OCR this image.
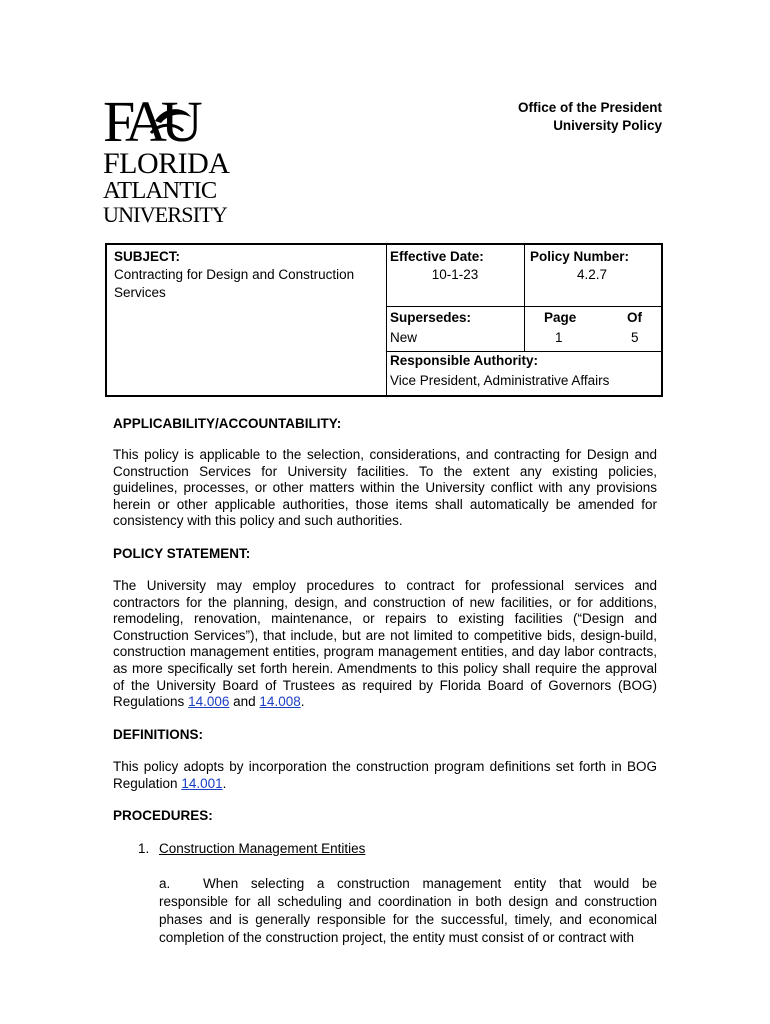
FAU
FLORIDA
ATLANTIC
UNIVERSITY
Office of the President
University Policy
SUBJECT:
Contracting for Design and Construction Services
Effective Date:
10-1-23
Policy Number:
4.2.7
Supersedes:
New
Page
1
Of
5
Responsible Authority:
Vice President, Administrative Affairs
APPLICABILITY/ACCOUNTABILITY:
This policy is applicable to the selection, considerations, and contracting for Design and Construction Services for University facilities. To the extent any existing policies, guidelines, processes, or other matters within the University conflict with any provisions herein or other applicable authorities, those items shall automatically be amended for consistency with this policy and such authorities.
POLICY STATEMENT:
The University may employ procedures to contract for professional services and contractors for the planning, design, and construction of new facilities, or for additions, remodeling, renovation, maintenance, or repairs to existing facilities (“Design and Construction Services”), that include, but are not limited to competitive bids, design-build, construction management entities, program management entities, and day labor contracts, as more specifically set forth herein. Amendments to this policy shall require the approval of the University Board of Trustees as required by Florida Board of Governors (BOG) Regulations 14.006 and 14.008.
DEFINITIONS:
This policy adopts by incorporation the construction program definitions set forth in BOG Regulation 14.001.
PROCEDURES:
1. Construction Management Entities
a. When selecting a construction management entity that would be responsible for all scheduling and coordination in both design and construction phases and is generally responsible for the successful, timely, and economical completion of the construction project, the entity must consist of or contract with
